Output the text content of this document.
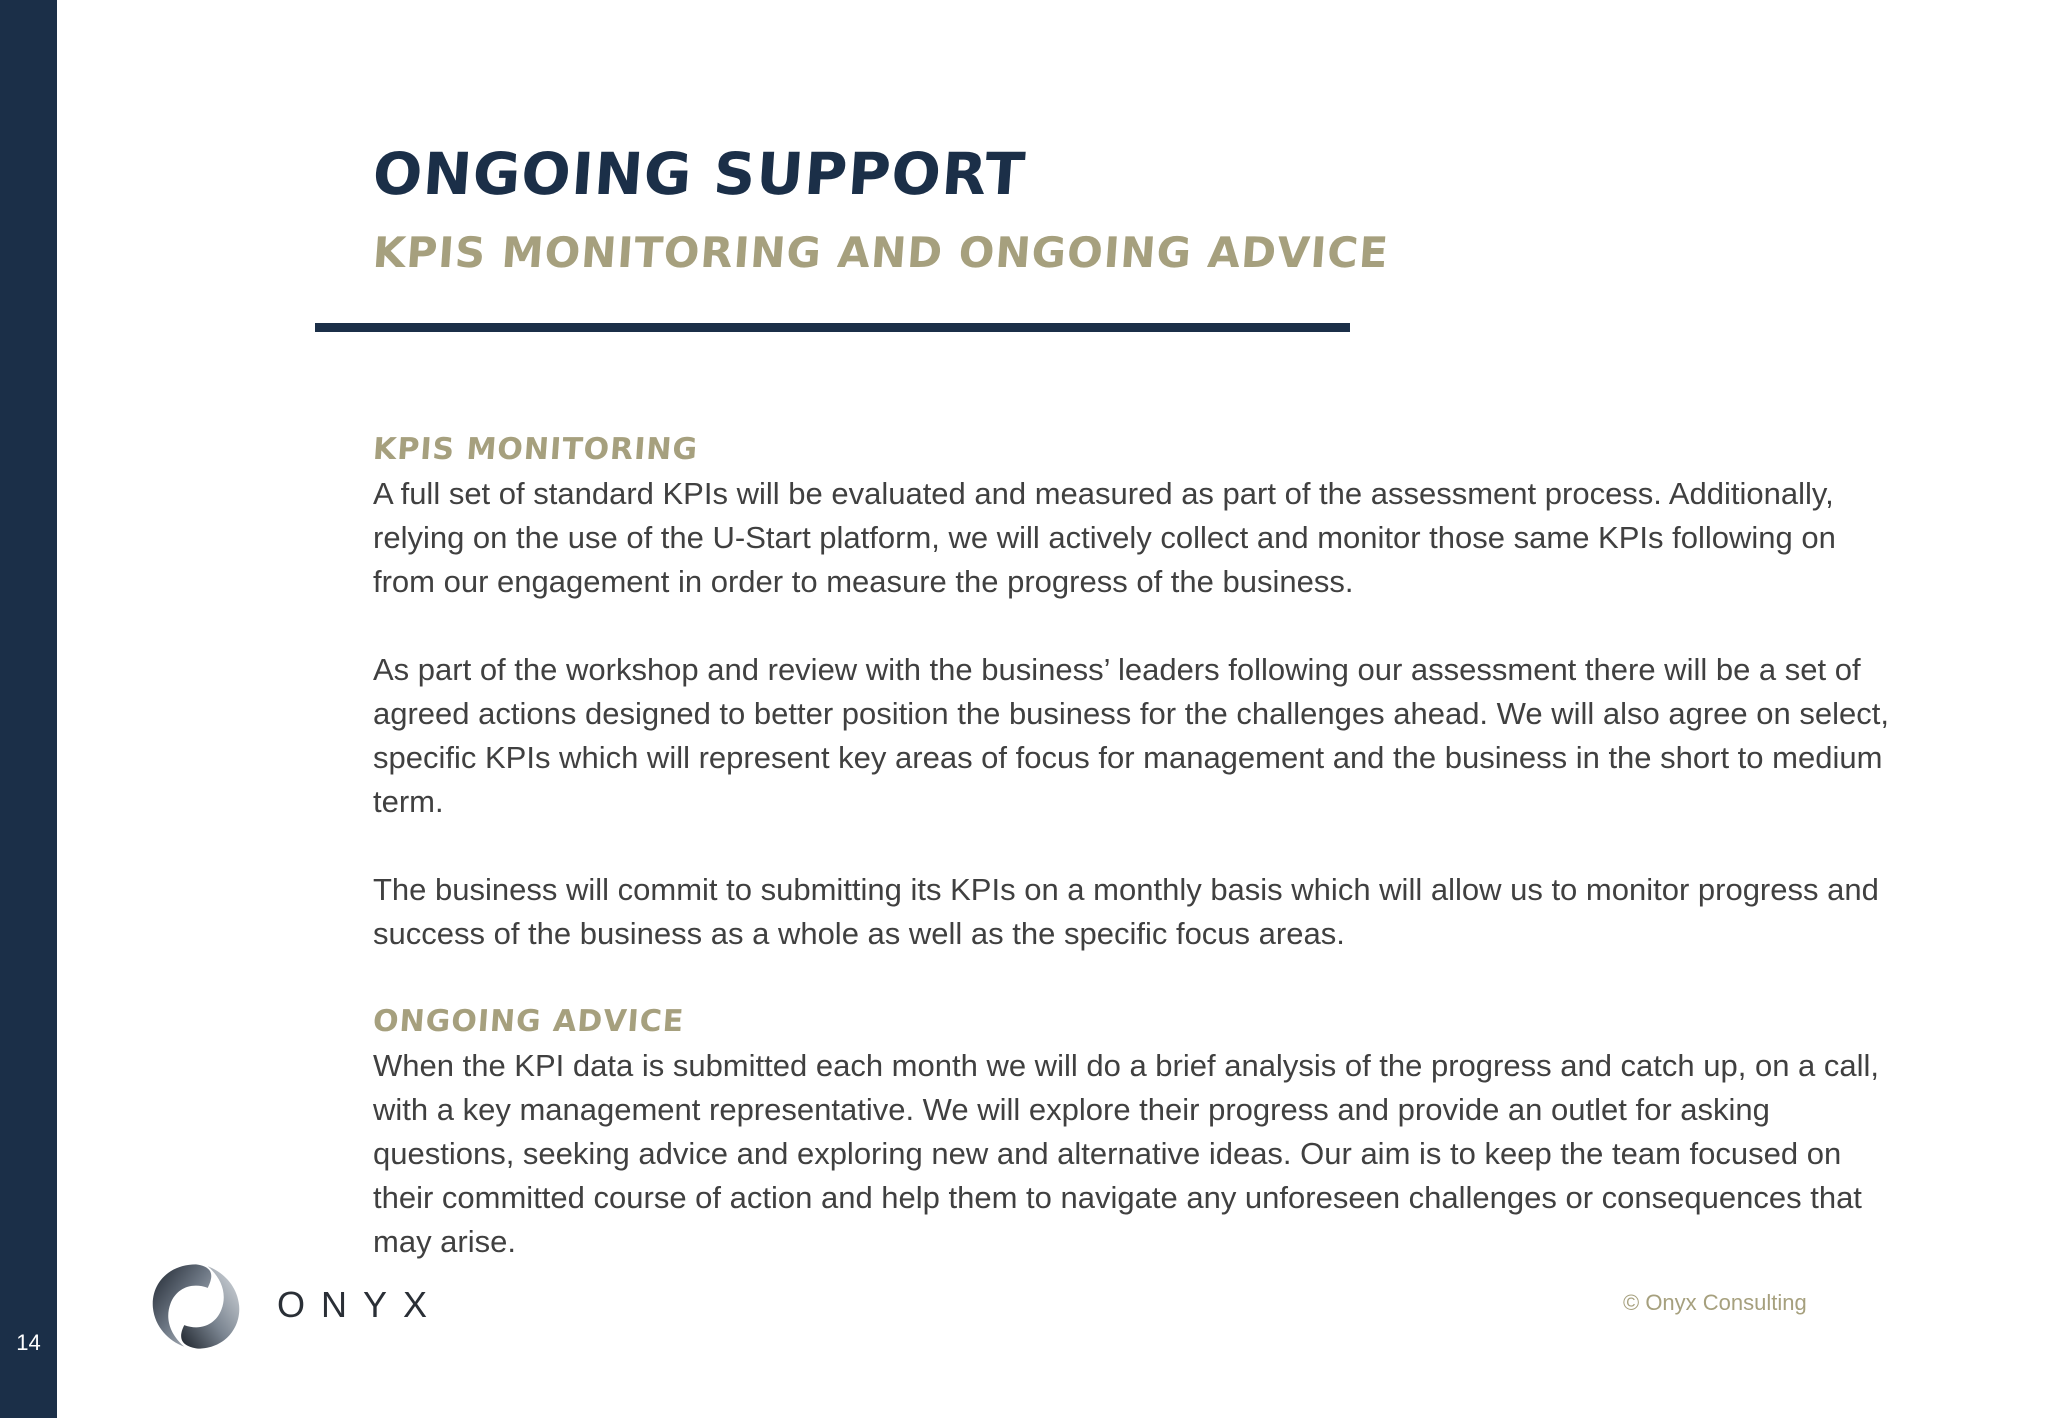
14
ONGOING SUPPORT
KPIS MONITORING AND ONGOING ADVICE
KPIS MONITORING

A full set of standard KPIs will be evaluated and measured as part of the assessment process. Additionally, relying on the use of the U-Start platform, we will actively collect and monitor those same KPIs following on from our engagement in order to measure the progress of the business.

As part of the workshop and review with the business’ leaders following our assessment there will be a set of agreed actions designed to better position the business for the challenges ahead. We will also agree on select, specific KPIs which will represent key areas of focus for management and the business in the short to medium term.

The business will commit to submitting its KPIs on a monthly basis which will allow us to monitor progress and success of the business as a whole as well as the specific focus areas.

ONGOING ADVICE

When the KPI data is submitted each month we will do a brief analysis of the progress and catch up, on a call, with a key management representative. We will explore their progress and provide an outlet for asking questions, seeking advice and exploring new and alternative ideas. Our aim is to keep the team focused on their committed course of action and help them to navigate any unforeseen challenges or consequences that may arise.

ONYX	© Onyx Consulting
